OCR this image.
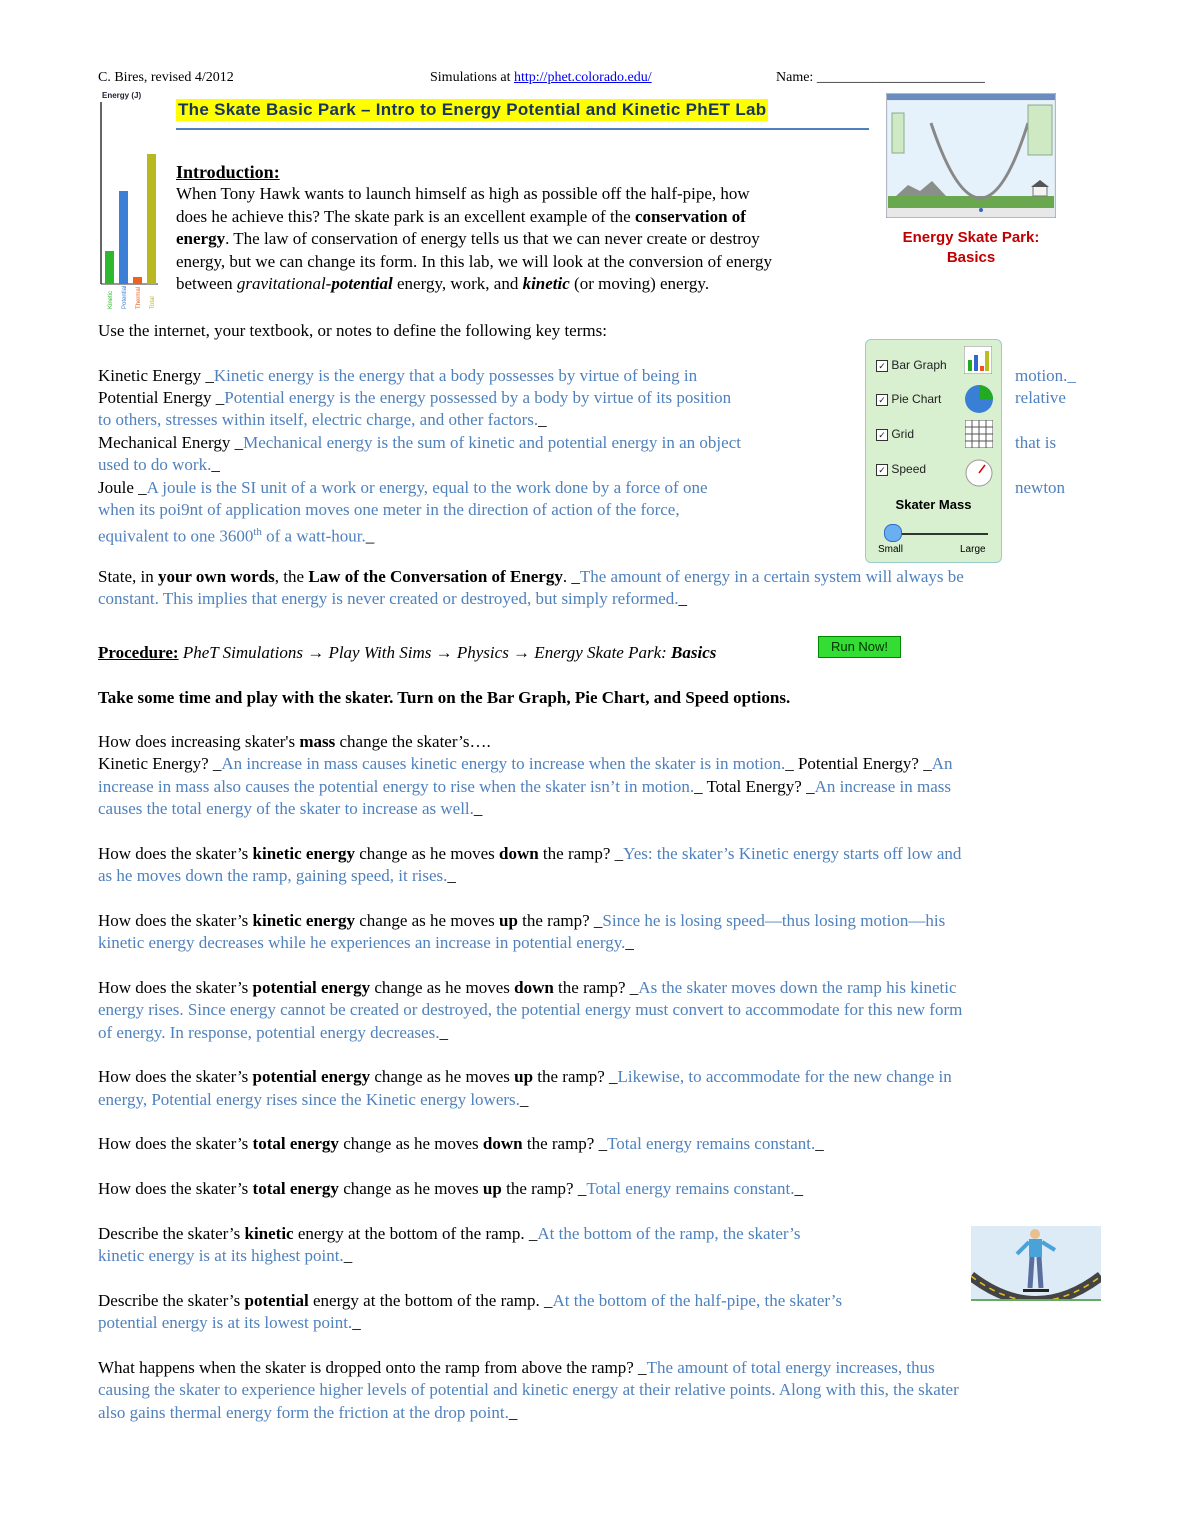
C. Bires, revised 4/2012	Simulations at http://phet.colorado.edu/	Name: ________________________
Energy (J)
Kinetic Potential Thermal Total
The Skate Basic Park – Intro to Energy Potential and Kinetic PhET Lab
Energy Skate Park:
Basics
Introduction:
When Tony Hawk wants to launch himself as high as possible off the half-pipe, how
does he achieve this? The skate park is an excellent example of the conservation of
energy. The law of conservation of energy tells us that we can never create or destroy
energy, but we can change its form. In this lab, we will look at the conversion of energy
between gravitational-potential energy, work, and kinetic (or moving) energy.
Use the internet, your textbook, or notes to define the following key terms:
Kinetic Energy _Kinetic energy is the energy that a body possesses by virtue of being in	motion._
Potential Energy _Potential energy is the energy possessed by a body by virtue of its position	relative
to others, stresses within itself, electric charge, and other factors._
Mechanical Energy _Mechanical energy is the sum of kinetic and potential energy in an object	that is
used to do work._
Joule _A joule is the SI unit of a work or energy, equal to the work done by a force of one	newton
when its poi9nt of application moves one meter in the direction of action of the force,
equivalent to one 3600th of a watt-hour._
✓ Bar Graph
✓ Pie Chart
✓ Grid
✓ Speed
Skater Mass
Small	Large
State, in your own words, the Law of the Conversation of Energy. _The amount of energy in a certain system will always be
constant. This implies that energy is never created or destroyed, but simply reformed._
Procedure: PheT Simulations → Play With Sims → Physics → Energy Skate Park: Basics	Run Now!
Take some time and play with the skater. Turn on the Bar Graph, Pie Chart, and Speed options.
How does increasing skater's mass change the skater’s….
Kinetic Energy? _An increase in mass causes kinetic energy to increase when the skater is in motion._ Potential Energy? _An
increase in mass also causes the potential energy to rise when the skater isn’t in motion._ Total Energy? _An increase in mass
causes the total energy of the skater to increase as well._
How does the skater’s kinetic energy change as he moves down the ramp? _Yes: the skater’s Kinetic energy starts off low and
as he moves down the ramp, gaining speed, it rises._
How does the skater’s kinetic energy change as he moves up the ramp? _Since he is losing speed—thus losing motion—his
kinetic energy decreases while he experiences an increase in potential energy._
How does the skater’s potential energy change as he moves down the ramp? _As the skater moves down the ramp his kinetic
energy rises. Since energy cannot be created or destroyed, the potential energy must convert to accommodate for this new form
of energy. In response, potential energy decreases._
How does the skater’s potential energy change as he moves up the ramp? _Likewise, to accommodate for the new change in
energy, Potential energy rises since the Kinetic energy lowers._
How does the skater’s total energy change as he moves down the ramp? _Total energy remains constant._
How does the skater’s total energy change as he moves up the ramp? _Total energy remains constant._
Describe the skater’s kinetic energy at the bottom of the ramp. _At the bottom of the ramp, the skater’s
kinetic energy is at its highest point._
Describe the skater’s potential energy at the bottom of the ramp. _At the bottom of the half-pipe, the skater’s
potential energy is at its lowest point._
What happens when the skater is dropped onto the ramp from above the ramp? _The amount of total energy increases, thus
causing the skater to experience higher levels of potential and kinetic energy at their relative points. Along with this, the skater
also gains thermal energy form the friction at the drop point._
